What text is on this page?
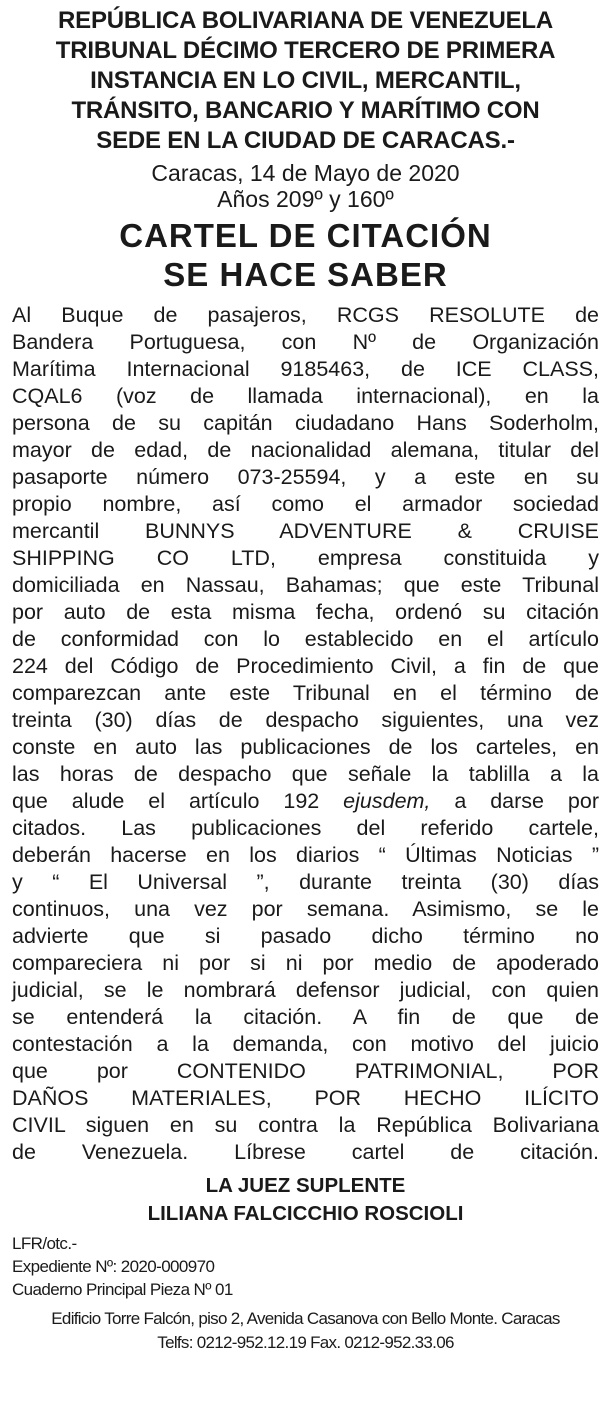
REPÚBLICA BOLIVARIANA DE VENEZUELA
TRIBUNAL DÉCIMO TERCERO DE PRIMERA
INSTANCIA EN LO CIVIL, MERCANTIL,
TRÁNSITO, BANCARIO Y MARÍTIMO CON
SEDE EN LA CIUDAD DE CARACAS.-
Caracas, 14 de Mayo de 2020
Años 209º y 160º
CARTEL DE CITACIÓN
SE HACE SABER
Al Buque de pasajeros, RCGS RESOLUTE de
Bandera Portuguesa, con Nº de Organización
Marítima Internacional 9185463, de ICE CLASS,
CQAL6 (voz de llamada internacional), en la
persona de su capitán ciudadano Hans Soderholm,
mayor de edad, de nacionalidad alemana, titular del
pasaporte número 073-25594, y a este en su
propio nombre, así como el armador sociedad
mercantil BUNNYS ADVENTURE & CRUISE
SHIPPING CO LTD, empresa constituida y
domiciliada en Nassau, Bahamas; que este Tribunal
por auto de esta misma fecha, ordenó su citación
de conformidad con lo establecido en el artículo
224 del Código de Procedimiento Civil, a fin de que
comparezcan ante este Tribunal en el término de
treinta (30) días de despacho siguientes, una vez
conste en auto las publicaciones de los carteles, en
las horas de despacho que señale la tablilla a la
que alude el artículo 192 ejusdem, a darse por
citados. Las publicaciones del referido cartele,
deberán hacerse en los diarios “ Últimas Noticias ”
y “ El Universal ”, durante treinta (30) días
continuos, una vez por semana. Asimismo, se le
advierte que si pasado dicho término no
compareciera ni por si ni por medio de apoderado
judicial, se le nombrará defensor judicial, con quien
se entenderá la citación. A fin de que de
contestación a la demanda, con motivo del juicio
que por CONTENIDO PATRIMONIAL, POR
DAÑOS MATERIALES, POR HECHO ILÍCITO
CIVIL siguen en su contra la República Bolivariana
de Venezuela. Líbrese cartel de citación.
LA JUEZ SUPLENTE
LILIANA FALCICCHIO ROSCIOLI
LFR/otc.-
Expediente Nº: 2020-000970
Cuaderno Principal Pieza Nº 01
Edificio Torre Falcón, piso 2, Avenida Casanova con Bello Monte. Caracas
Telfs: 0212-952.12.19 Fax. 0212-952.33.06
